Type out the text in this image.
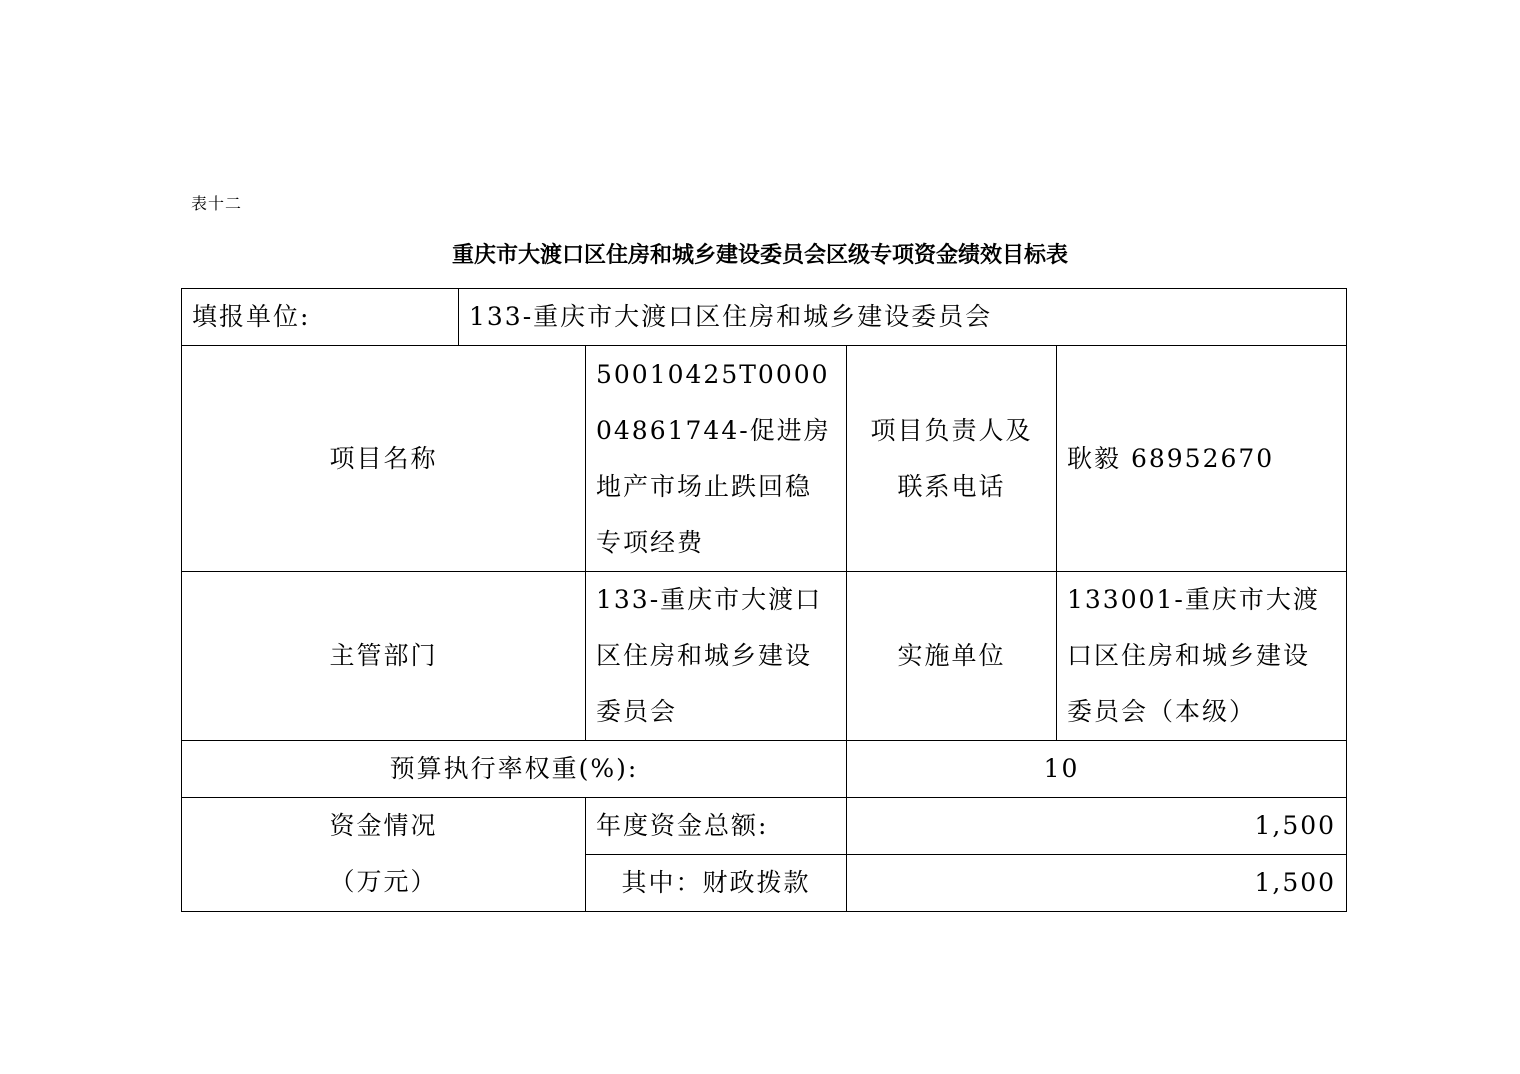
表十二
重庆市大渡口区住房和城乡建设委员会区级专项资金绩效目标表
填报单位:	133-重庆市大渡口区住房和城乡建设委员会			
项目名称		50010425T000004861744-促进房地产市场止跌回稳专项经费	项目负责人及联系电话	耿毅 68952670
主管部门		133-重庆市大渡口区住房和城乡建设委员会	实施单位	133001-重庆市大渡口区住房和城乡建设委员会（本级）
预算执行率权重(%):			10	

资金情况
（万元）		年度资金总额:	1,500	
		其中：财政拨款	1,500	
